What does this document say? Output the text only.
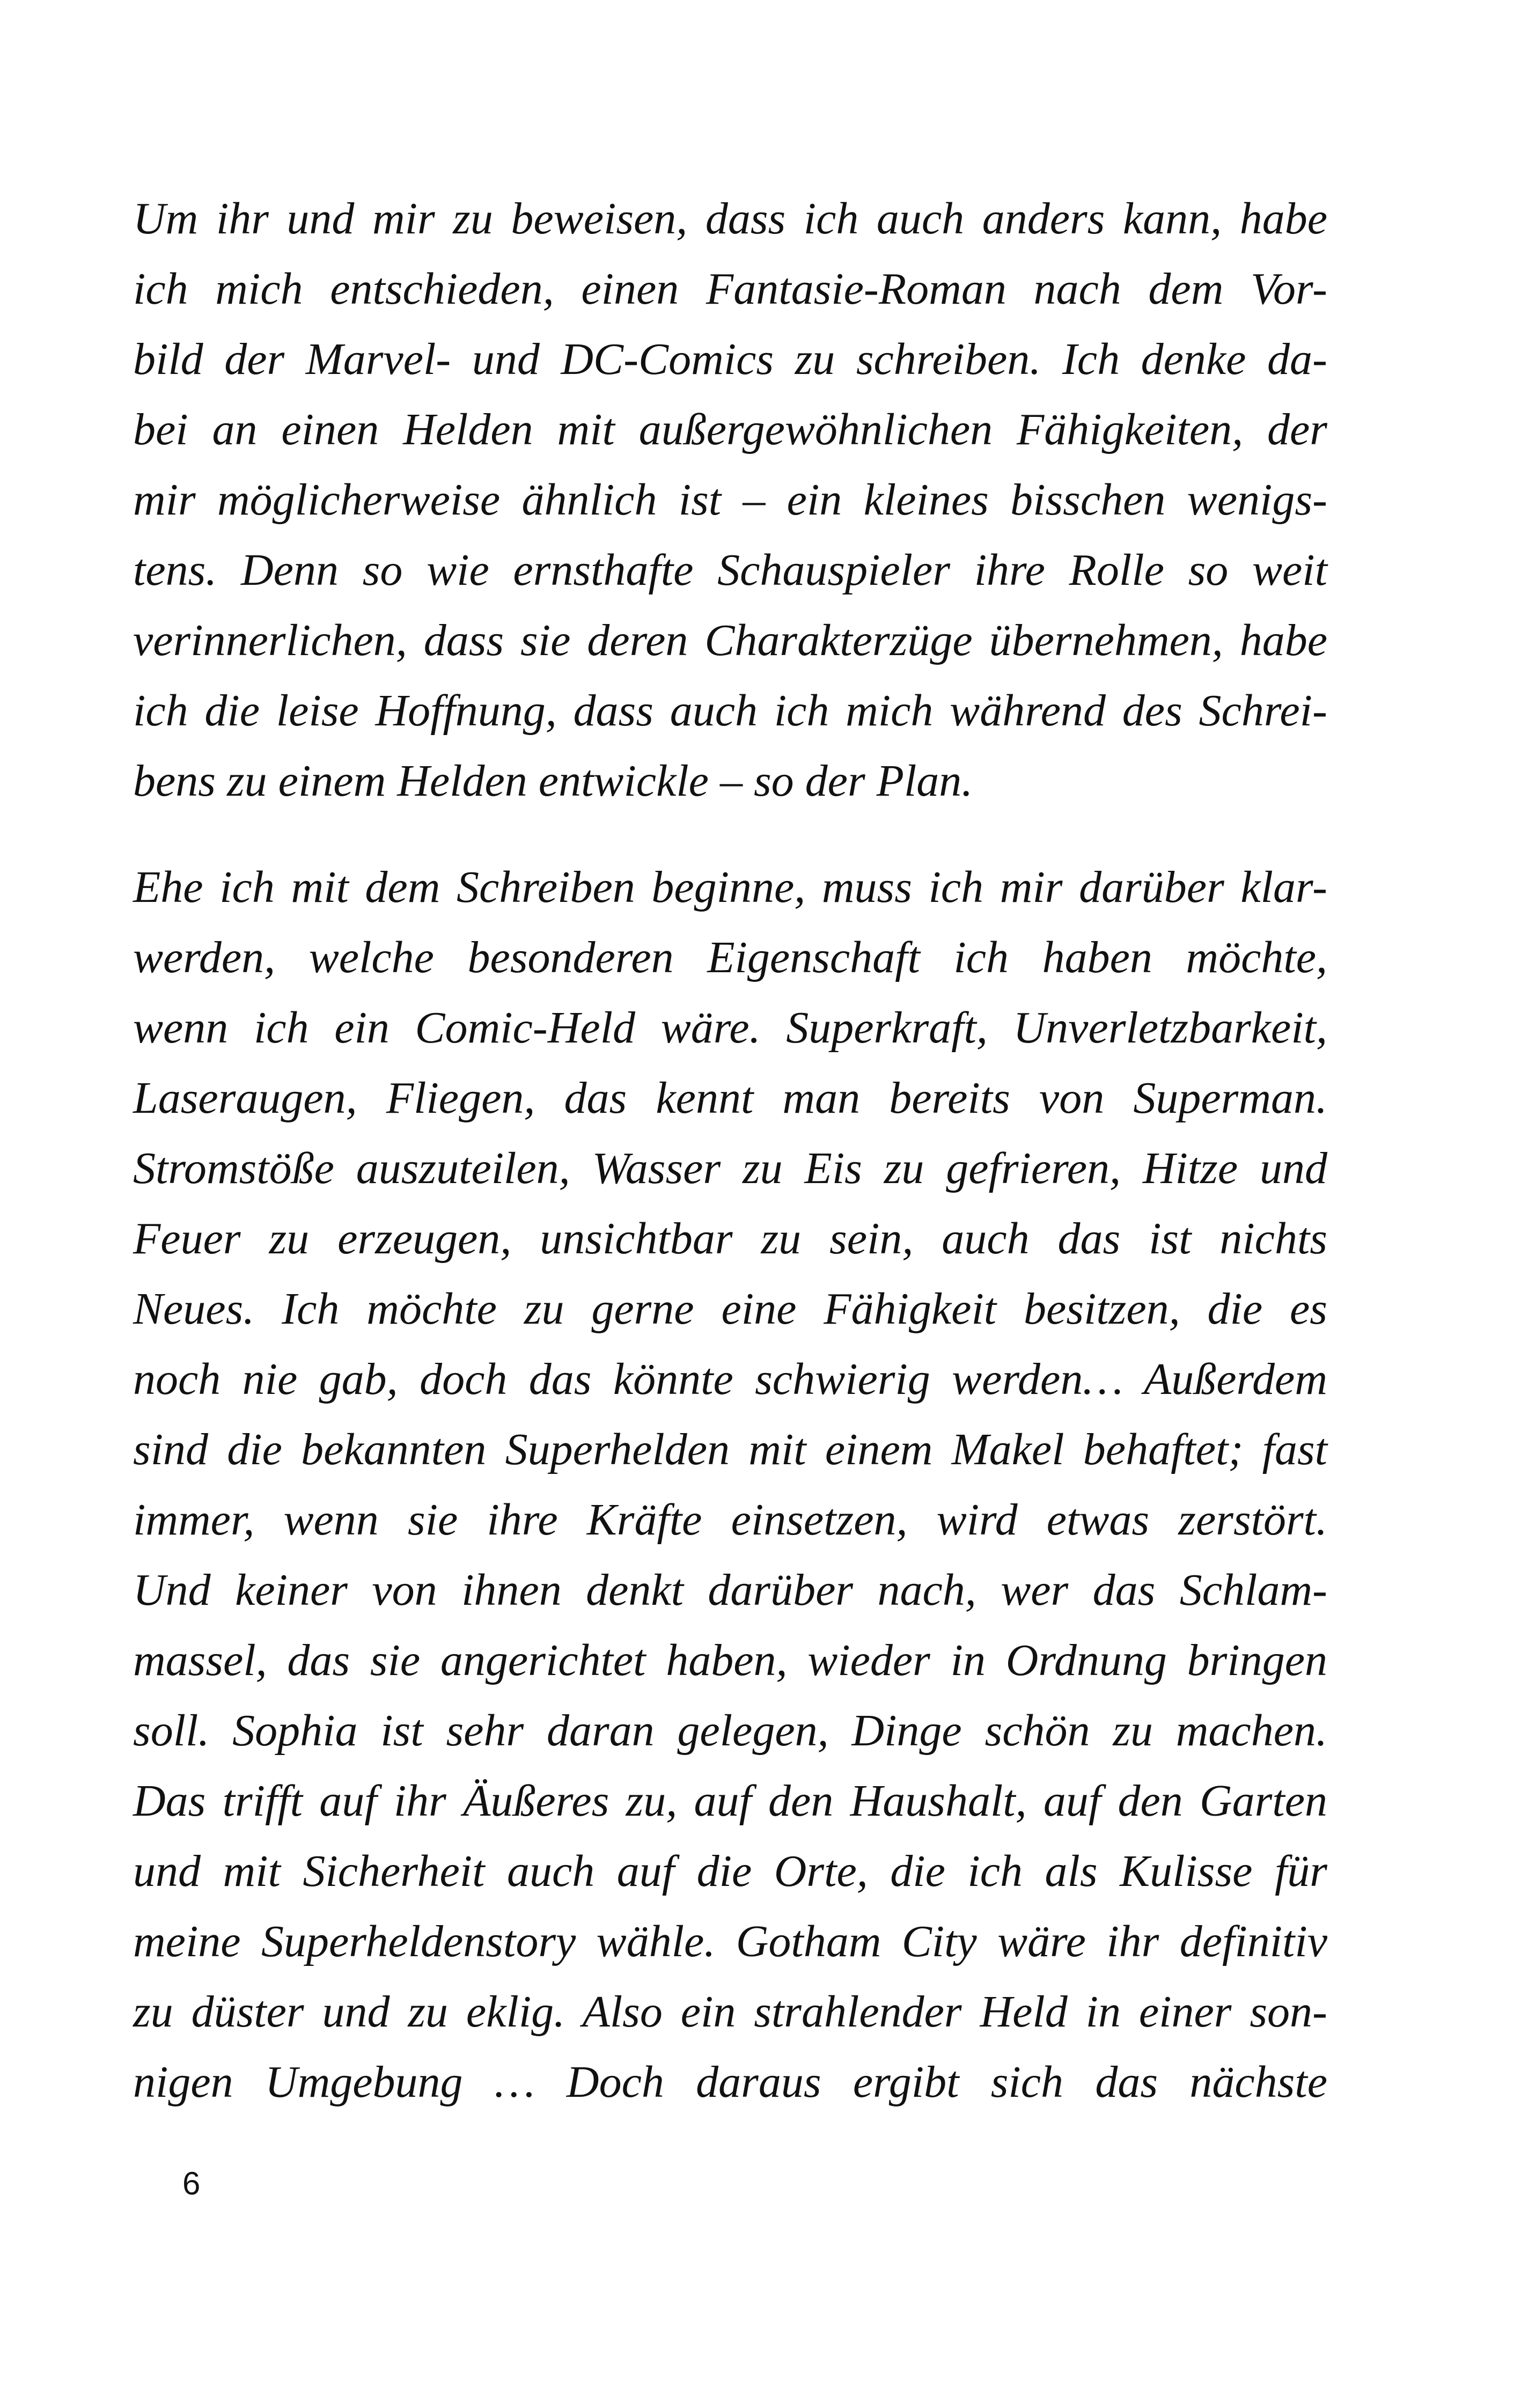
Um ihr und mir zu beweisen, dass ich auch anders kann, habe
ich mich entschieden, einen Fantasie-Roman nach dem Vor-
bild der Marvel- und DC-Comics zu schreiben. Ich denke da-
bei an einen Helden mit außergewöhnlichen Fähigkeiten, der
mir möglicherweise ähnlich ist – ein kleines bisschen wenigs-
tens. Denn so wie ernsthafte Schauspieler ihre Rolle so weit
verinnerlichen, dass sie deren Charakterzüge übernehmen, habe
ich die leise Hoffnung, dass auch ich mich während des Schrei-
bens zu einem Helden entwickle – so der Plan.
Ehe ich mit dem Schreiben beginne, muss ich mir darüber klar-
werden, welche besonderen Eigenschaft ich haben möchte,
wenn ich ein Comic-Held wäre. Superkraft, Unverletzbarkeit,
Laseraugen, Fliegen, das kennt man bereits von Superman.
Stromstöße auszuteilen, Wasser zu Eis zu gefrieren, Hitze und
Feuer zu erzeugen, unsichtbar zu sein, auch das ist nichts
Neues. Ich möchte zu gerne eine Fähigkeit besitzen, die es
noch nie gab, doch das könnte schwierig werden… Außerdem
sind die bekannten Superhelden mit einem Makel behaftet; fast
immer, wenn sie ihre Kräfte einsetzen, wird etwas zerstört.
Und keiner von ihnen denkt darüber nach, wer das Schlam-
massel, das sie angerichtet haben, wieder in Ordnung bringen
soll. Sophia ist sehr daran gelegen, Dinge schön zu machen.
Das trifft auf ihr Äußeres zu, auf den Haushalt, auf den Garten
und mit Sicherheit auch auf die Orte, die ich als Kulisse für
meine Superheldenstory wähle. Gotham City wäre ihr definitiv
zu düster und zu eklig. Also ein strahlender Held in einer son-
nigen Umgebung … Doch daraus ergibt sich das nächste
6
